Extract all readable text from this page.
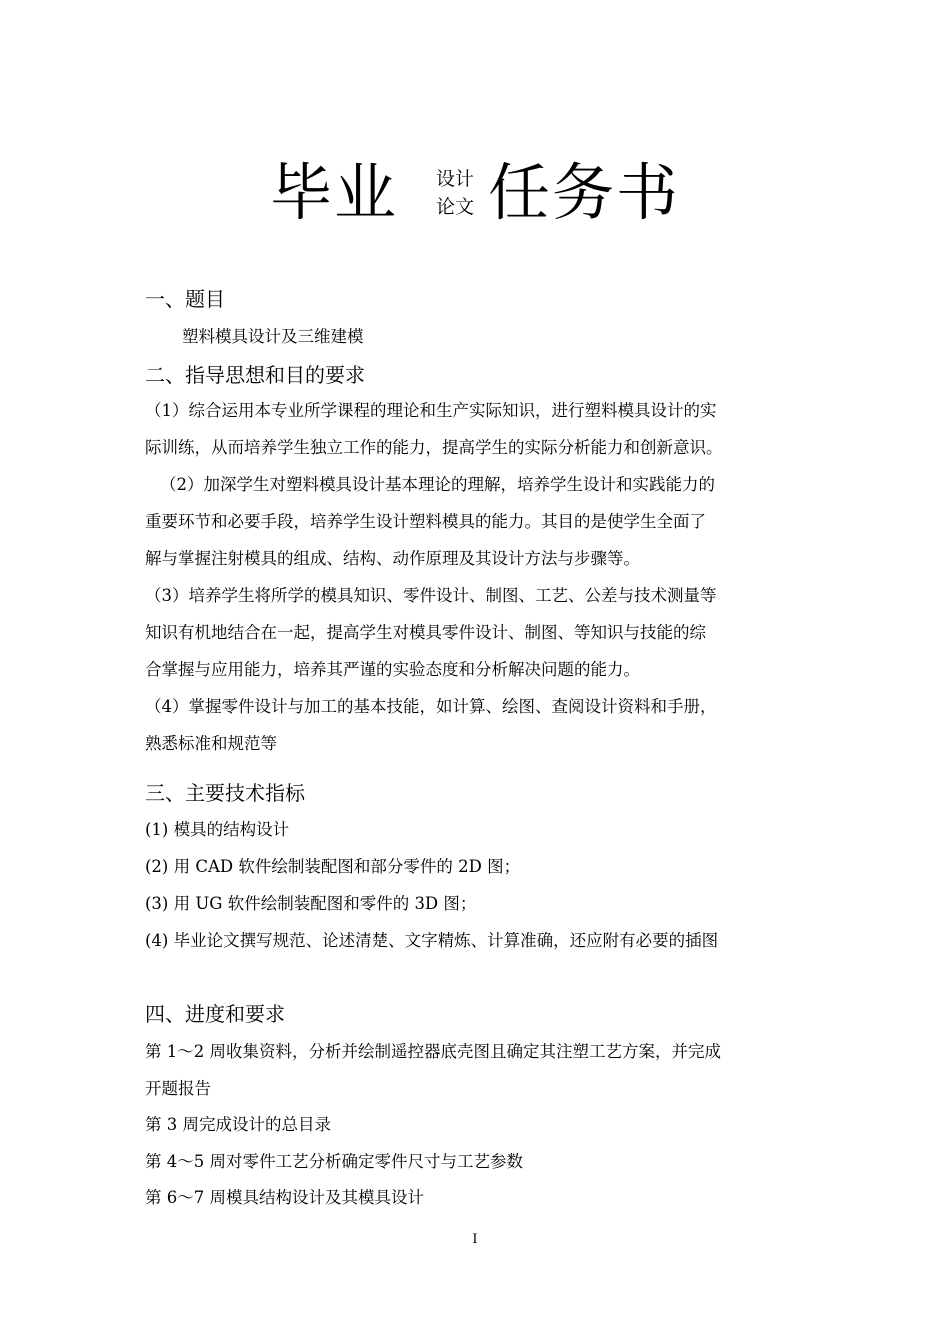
毕业 设计
论文 任务书
一、题目
塑料模具设计及三维建模
二、指导思想和目的要求
（1）综合运用本专业所学课程的理论和生产实际知识，进行塑料模具设计的实
际训练，从而培养学生独立工作的能力，提高学生的实际分析能力和创新意识。
（2）加深学生对塑料模具设计基本理论的理解，培养学生设计和实践能力的
重要环节和必要手段，培养学生设计塑料模具的能力。其目的是使学生全面了
解与掌握注射模具的组成、结构、动作原理及其设计方法与步骤等。
（3）培养学生将所学的模具知识、零件设计、制图、工艺、公差与技术测量等
知识有机地结合在一起，提高学生对模具零件设计、制图、等知识与技能的综
合掌握与应用能力，培养其严谨的实验态度和分析解决问题的能力。
（4）掌握零件设计与加工的基本技能，如计算、绘图、查阅设计资料和手册，
熟悉标准和规范等
三、主要技术指标
(1) 模具的结构设计
(2) 用 CAD 软件绘制装配图和部分零件的 2D 图；
(3) 用 UG 软件绘制装配图和零件的 3D 图；
(4) 毕业论文撰写规范、论述清楚、文字精炼、计算准确，还应附有必要的插图
四、进度和要求
第 1～2 周收集资料，分析并绘制遥控器底壳图且确定其注塑工艺方案，并完成
开题报告
第 3 周完成设计的总目录
第 4～5 周对零件工艺分析确定零件尺寸与工艺参数
第 6～7 周模具结构设计及其模具设计
I
